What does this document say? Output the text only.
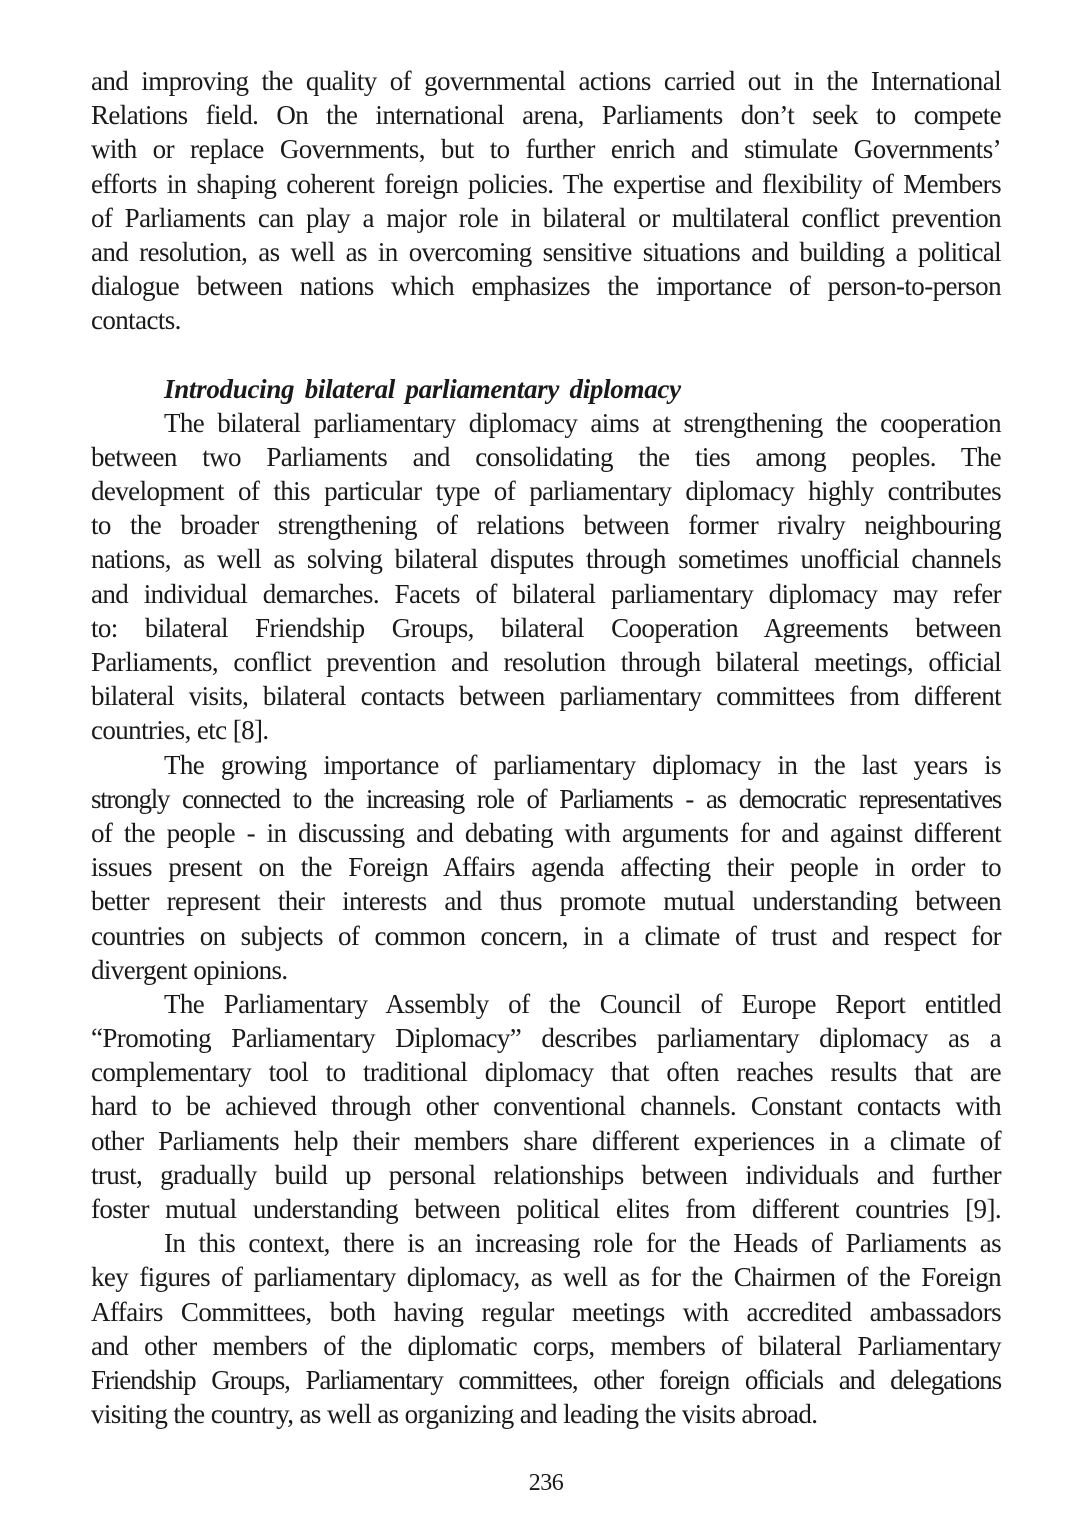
and improving the quality of governmental actions carried out in the International
Relations field. On the international arena, Parliaments don’t seek to compete
with or replace Governments, but to further enrich and stimulate Governments’
efforts in shaping coherent foreign policies. The expertise and flexibility of Members
of Parliaments can play a major role in bilateral or multilateral conflict prevention
and resolution, as well as in overcoming sensitive situations and building a political
dialogue between nations which emphasizes the importance of person-to-person
contacts.
Introducing bilateral parliamentary diplomacy
The bilateral parliamentary diplomacy aims at strengthening the cooperation
between two Parliaments and consolidating the ties among peoples. The
development of this particular type of parliamentary diplomacy highly contributes
to the broader strengthening of relations between former rivalry neighbouring
nations, as well as solving bilateral disputes through sometimes unofficial channels
and individual demarches. Facets of bilateral parliamentary diplomacy may refer
to: bilateral Friendship Groups, bilateral Cooperation Agreements between
Parliaments, conflict prevention and resolution through bilateral meetings, official
bilateral visits, bilateral contacts between parliamentary committees from different
countries, etc [8].
The growing importance of parliamentary diplomacy in the last years is
strongly connected to the increasing role of Parliaments - as democratic representatives
of the people - in discussing and debating with arguments for and against different
issues present on the Foreign Affairs agenda affecting their people in order to
better represent their interests and thus promote mutual understanding between
countries on subjects of common concern, in a climate of trust and respect for
divergent opinions.
The Parliamentary Assembly of the Council of Europe Report entitled
“Promoting Parliamentary Diplomacy” describes parliamentary diplomacy as a
complementary tool to traditional diplomacy that often reaches results that are
hard to be achieved through other conventional channels. Constant contacts with
other Parliaments help their members share different experiences in a climate of
trust, gradually build up personal relationships between individuals and further
foster mutual understanding between political elites from different countries [9].
In this context, there is an increasing role for the Heads of Parliaments as
key figures of parliamentary diplomacy, as well as for the Chairmen of the Foreign
Affairs Committees, both having regular meetings with accredited ambassadors
and other members of the diplomatic corps, members of bilateral Parliamentary
Friendship Groups, Parliamentary committees, other foreign officials and delegations
visiting the country, as well as organizing and leading the visits abroad.
236
